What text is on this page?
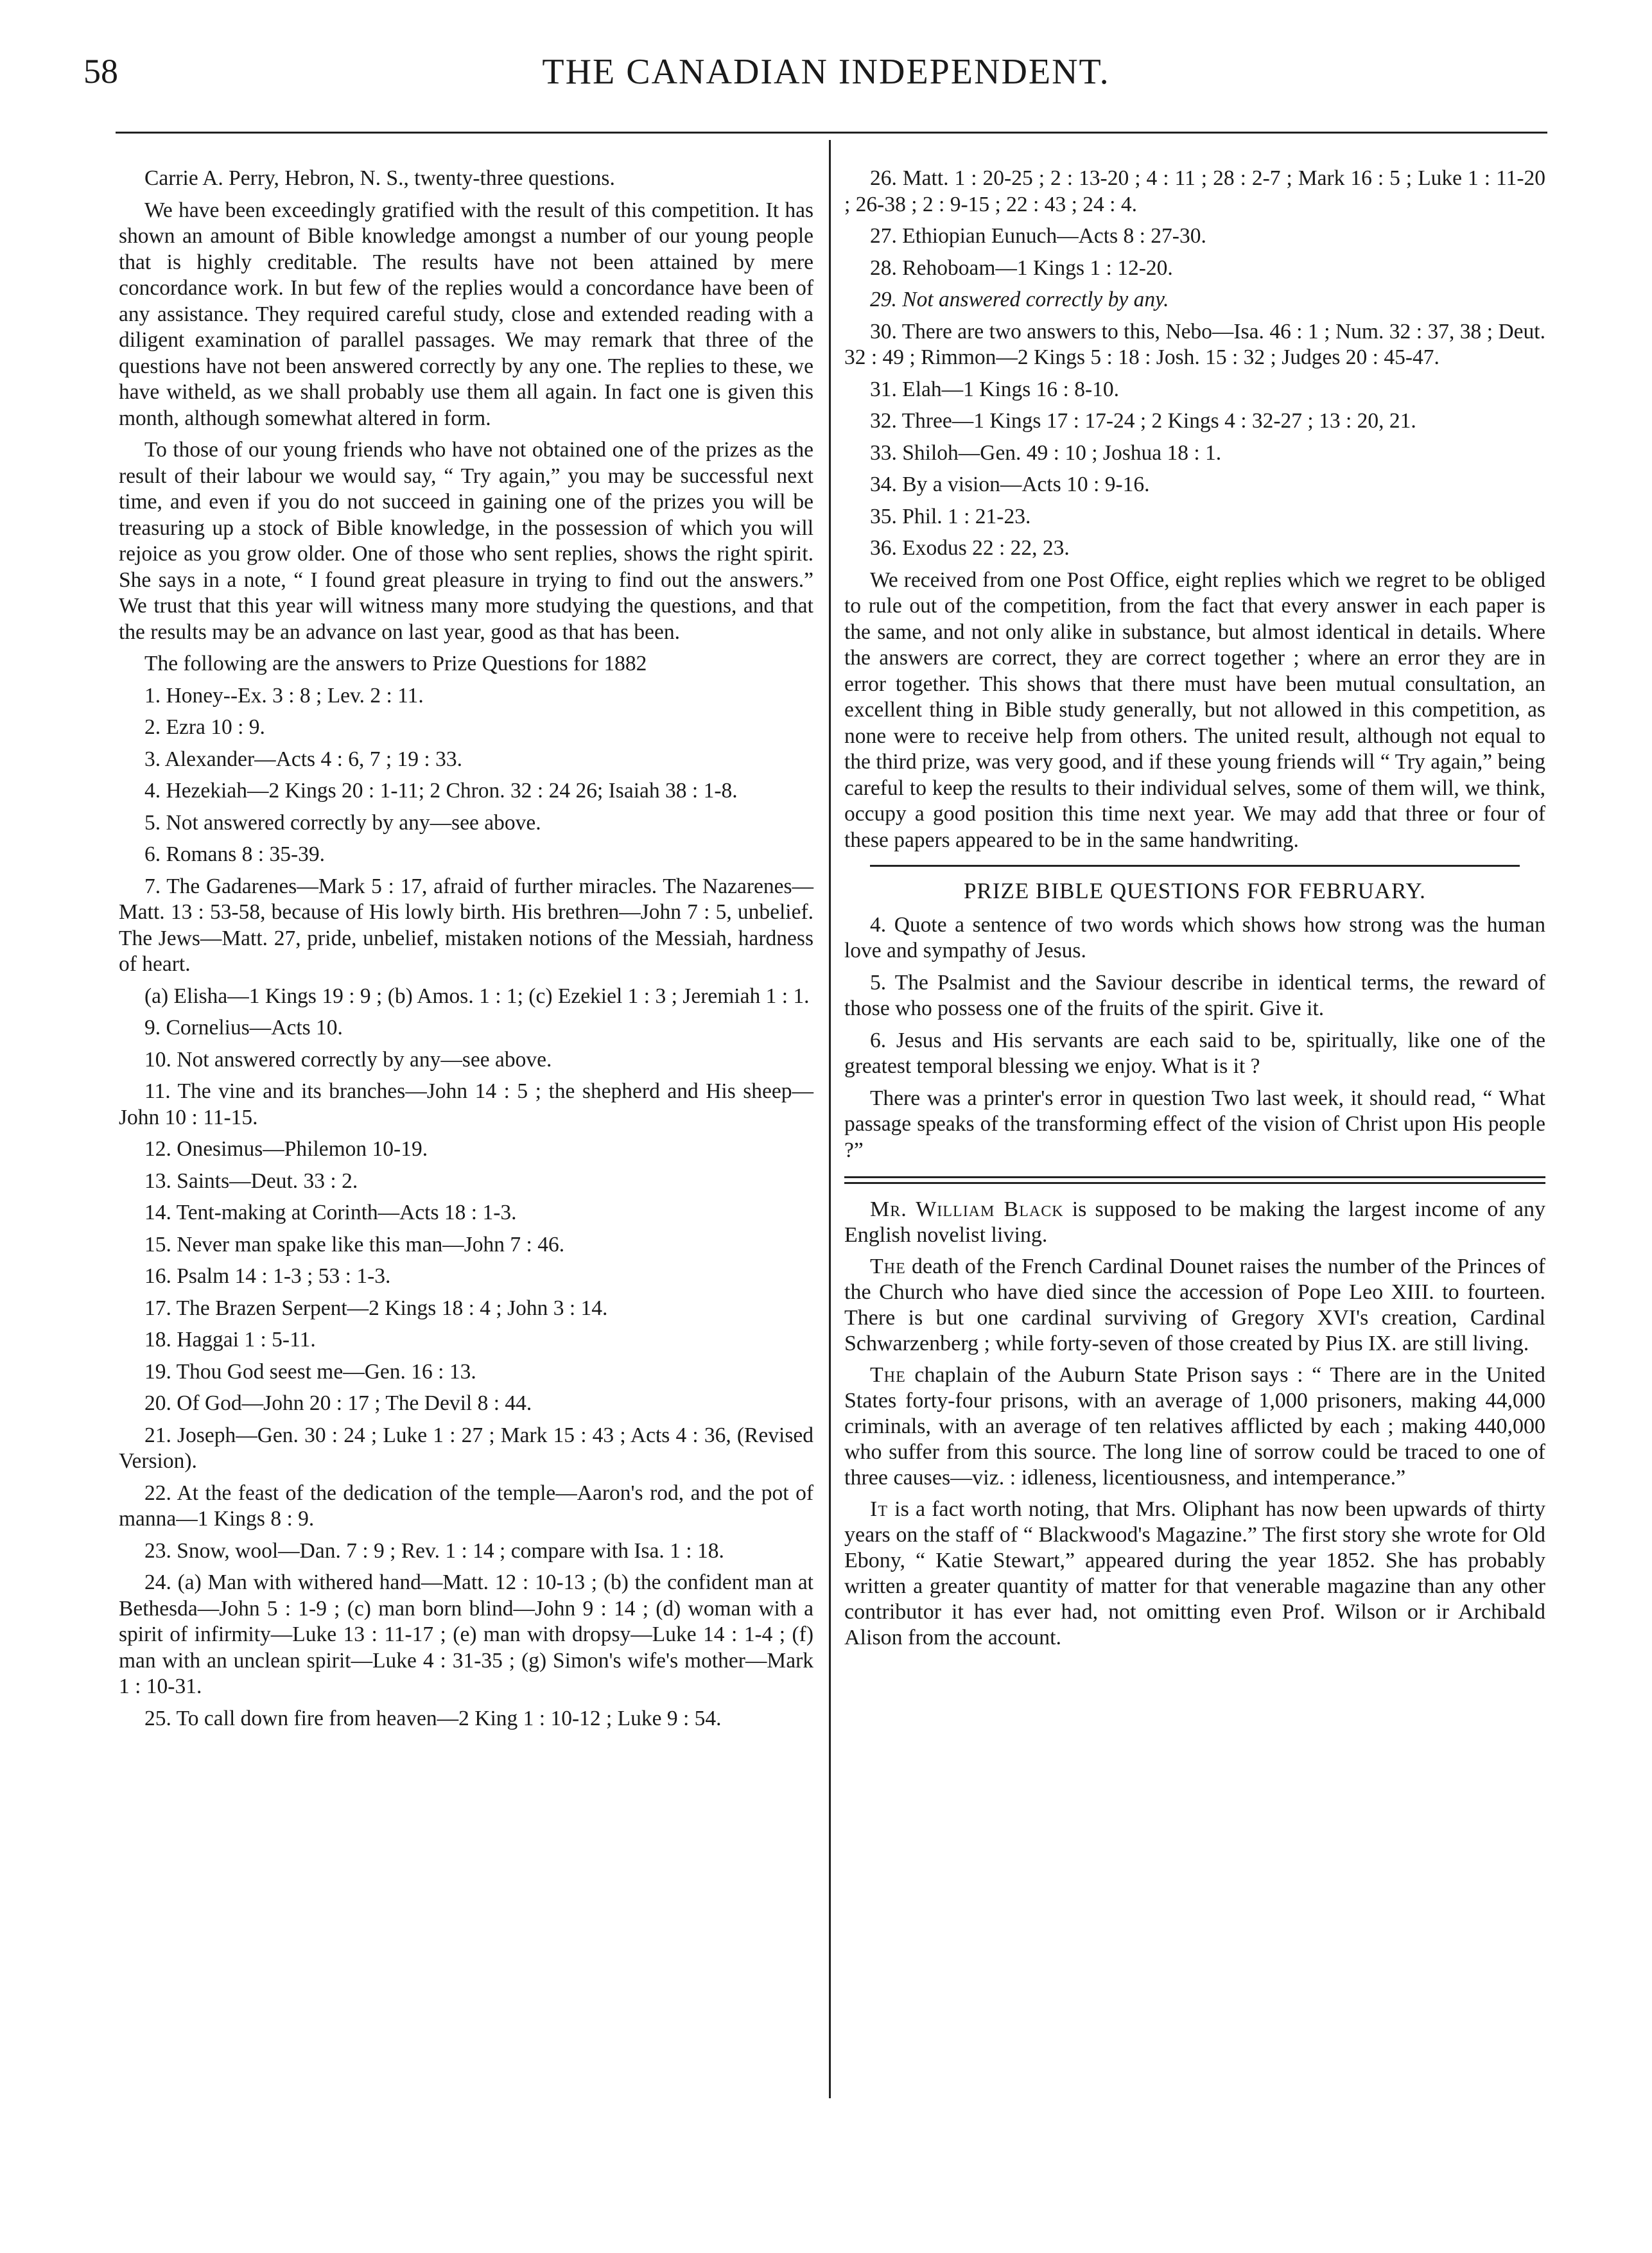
58	THE CANADIAN INDEPENDENT.

Carrie A. Perry, Hebron, N. S., twenty-three questions.

We have been exceedingly gratified with the result of this competition. It has shown an amount of Bible knowledge amongst a number of our young people that is highly creditable. The results have not been attained by mere concordance work. In but few of the replies would a concordance have been of any assistance. They required careful study, close and extended reading with a diligent examination of parallel passages. We may remark that three of the questions have not been answered correctly by any one. The replies to these, we have witheld, as we shall probably use them all again. In fact one is given this month, although somewhat altered in form.

To those of our young friends who have not obtained one of the prizes as the result of their labour we would say, “ Try again,” you may be successful next time, and even if you do not succeed in gaining one of the prizes you will be treasuring up a stock of Bible knowledge, in the possession of which you will rejoice as you grow older. One of those who sent replies, shows the right spirit. She says in a note, “ I found great pleasure in trying to find out the answers.” We trust that this year will witness many more studying the questions, and that the results may be an advance on last year, good as that has been.

The following are the answers to Prize Questions for 1882

1. Honey--Ex. 3 : 8 ; Lev. 2 : 11.
2. Ezra 10 : 9.
3. Alexander—Acts 4 : 6, 7 ; 19 : 33.
4. Hezekiah—2 Kings 20 : 1-11; 2 Chron. 32 : 24 26; Isaiah 38 : 1-8.
5. Not answered correctly by any—see above.
6. Romans 8 : 35-39.
7. The Gadarenes—Mark 5 : 17, afraid of further miracles. The Nazarenes—Matt. 13 : 53-58, because of His lowly birth. His brethren—John 7 : 5, unbelief. The Jews—Matt. 27, pride, unbelief, mistaken notions of the Messiah, hardness of heart.
(a) Elisha—1 Kings 19 : 9 ; (b) Amos. 1 : 1; (c) Ezekiel 1 : 3 ; Jeremiah 1 : 1.
9. Cornelius—Acts 10.
10. Not answered correctly by any—see above.
11. The vine and its branches—John 14 : 5 ; the shepherd and His sheep—John 10 : 11-15.
12. Onesimus—Philemon 10-19.
13. Saints—Deut. 33 : 2.
14. Tent-making at Corinth—Acts 18 : 1-3.
15. Never man spake like this man—John 7 : 46.
16. Psalm 14 : 1-3 ; 53 : 1-3.
17. The Brazen Serpent—2 Kings 18 : 4 ; John 3 : 14.
18. Haggai 1 : 5-11.
19. Thou God seest me—Gen. 16 : 13.
20. Of God—John 20 : 17 ; The Devil 8 : 44.
21. Joseph—Gen. 30 : 24 ; Luke 1 : 27 ; Mark 15 : 43 ; Acts 4 : 36, (Revised Version).
22. At the feast of the dedication of the temple—Aaron's rod, and the pot of manna—1 Kings 8 : 9.
23. Snow, wool—Dan. 7 : 9 ; Rev. 1 : 14 ; compare with Isa. 1 : 18.
24. (a) Man with withered hand—Matt. 12 : 10-13 ; (b) the confident man at Bethesda—John 5 : 1-9 ; (c) man born blind—John 9 : 14 ; (d) woman with a spirit of infirmity—Luke 13 : 11-17 ; (e) man with dropsy—Luke 14 : 1-4 ; (f) man with an unclean spirit—Luke 4 : 31-35 ; (g) Simon's wife's mother—Mark 1 : 10-31.
25. To call down fire from heaven—2 King 1 : 10-12 ; Luke 9 : 54.
26. Matt. 1 : 20-25 ; 2 : 13-20 ; 4 : 11 ; 28 : 2-7 ; Mark 16 : 5 ; Luke 1 : 11-20 ; 26-38 ; 2 : 9-15 ; 22 : 43 ; 24 : 4.
27. Ethiopian Eunuch—Acts 8 : 27-30.
28. Rehoboam—1 Kings 1 : 12-20.
29. Not answered correctly by any.
30. There are two answers to this, Nebo—Isa. 46 : 1 ; Num. 32 : 37, 38 ; Deut. 32 : 49 ; Rimmon—2 Kings 5 : 18 : Josh. 15 : 32 ; Judges 20 : 45-47.
31. Elah—1 Kings 16 : 8-10.
32. Three—1 Kings 17 : 17-24 ; 2 Kings 4 : 32-27 ; 13 : 20, 21.
33. Shiloh—Gen. 49 : 10 ; Joshua 18 : 1.
34. By a vision—Acts 10 : 9-16.
35. Phil. 1 : 21-23.
36. Exodus 22 : 22, 23.

We received from one Post Office, eight replies which we regret to be obliged to rule out of the competition, from the fact that every answer in each paper is the same, and not only alike in substance, but almost identical in details. Where the answers are correct, they are correct together ; where an error they are in error together. This shows that there must have been mutual consultation, an excellent thing in Bible study generally, but not allowed in this competition, as none were to receive help from others. The united result, although not equal to the third prize, was very good, and if these young friends will “ Try again,” being careful to keep the results to their individual selves, some of them will, we think, occupy a good position this time next year. We may add that three or four of these papers appeared to be in the same handwriting.

PRIZE BIBLE QUESTIONS FOR FEBRUARY.

4. Quote a sentence of two words which shows how strong was the human love and sympathy of Jesus.

5. The Psalmist and the Saviour describe in identical terms, the reward of those who possess one of the fruits of the spirit. Give it.

6. Jesus and His servants are each said to be, spiritually, like one of the greatest temporal blessing we enjoy. What is it ?

There was a printer's error in question Two last week, it should read, “ What passage speaks of the transforming effect of the vision of Christ upon His people ?”

Mr. William Black is supposed to be making the largest income of any English novelist living.

The death of the French Cardinal Dounet raises the number of the Princes of the Church who have died since the accession of Pope Leo XIII. to fourteen. There is but one cardinal surviving of Gregory XVI's creation, Cardinal Schwarzenberg ; while forty-seven of those created by Pius IX. are still living.

The chaplain of the Auburn State Prison says : “ There are in the United States forty-four prisons, with an average of 1,000 prisoners, making 44,000 criminals, with an average of ten relatives afflicted by each ; making 440,000 who suffer from this source. The long line of sorrow could be traced to one of three causes—viz. : idleness, licentiousness, and intemperance.”

It is a fact worth noting, that Mrs. Oliphant has now been upwards of thirty years on the staff of “ Blackwood's Magazine.” The first story she wrote for Old Ebony, “ Katie Stewart,” appeared during the year 1852. She has probably written a greater quantity of matter for that venerable magazine than any other contributor it has ever had, not omitting even Prof. Wilson or ir Archibald Alison from the account.
